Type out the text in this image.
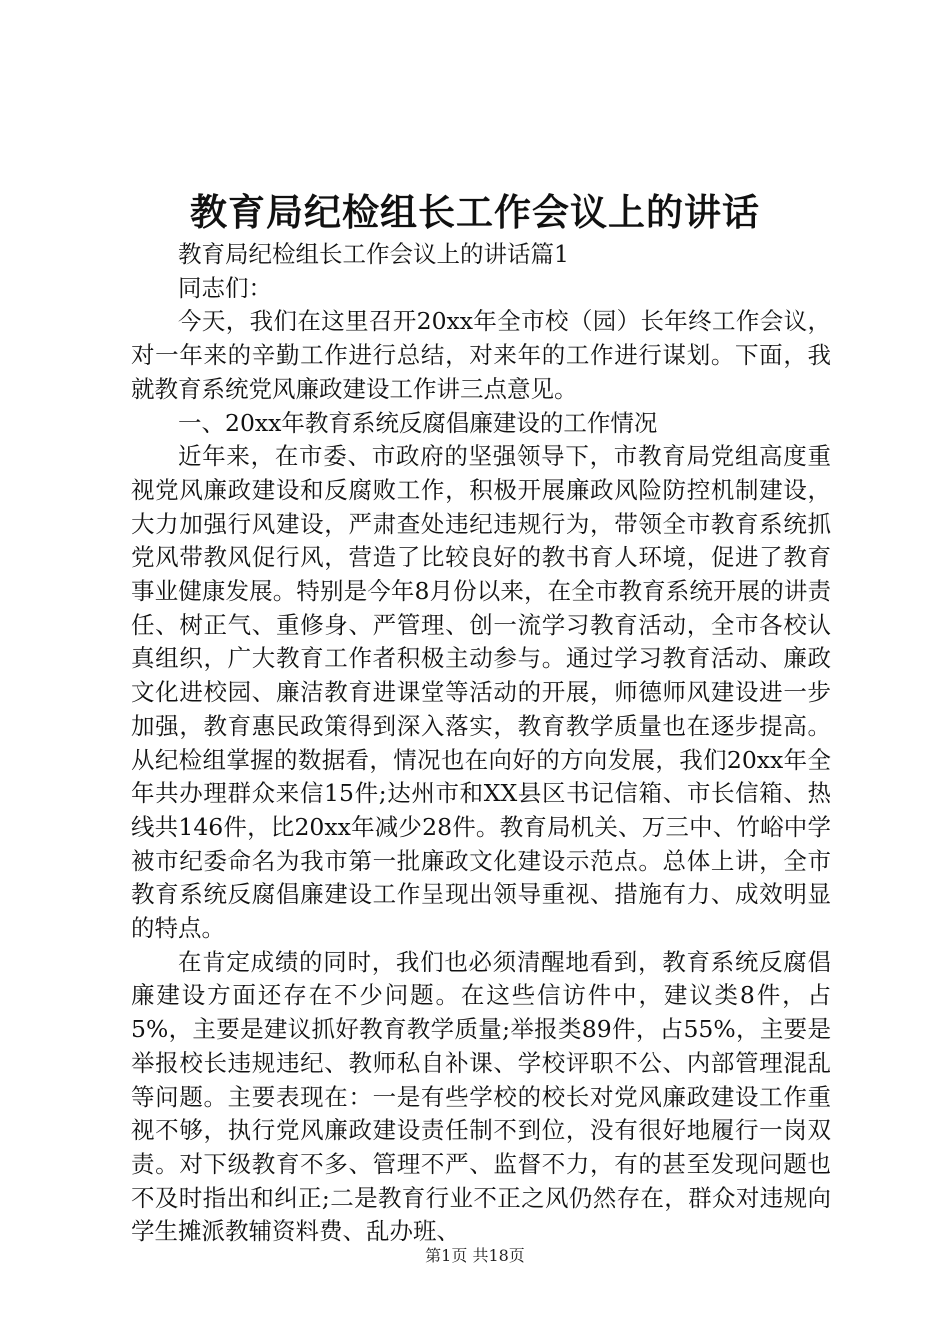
教育局纪检组长工作会议上的讲话

教育局纪检组长工作会议上的讲话篇1

同志们：

今天，我们在这里召开20xx年全市校（园）长年终工作会议，对一年来的辛勤工作进行总结，对来年的工作进行谋划。下面，我就教育系统党风廉政建设工作讲三点意见。

一、20xx年教育系统反腐倡廉建设的工作情况

近年来，在市委、市政府的坚强领导下，市教育局党组高度重视党风廉政建设和反腐败工作，积极开展廉政风险防控机制建设，大力加强行风建设，严肃查处违纪违规行为，带领全市教育系统抓党风带教风促行风，营造了比较良好的教书育人环境，促进了教育事业健康发展。特别是今年8月份以来，在全市教育系统开展的讲责任、树正气、重修身、严管理、创一流学习教育活动，全市各校认真组织，广大教育工作者积极主动参与。通过学习教育活动、廉政文化进校园、廉洁教育进课堂等活动的开展，师德师风建设进一步加强，教育惠民政策得到深入落实，教育教学质量也在逐步提高。从纪检组掌握的数据看，情况也在向好的方向发展，我们20xx年全年共办理群众来信15件;达州市和XX县区书记信箱、市长信箱、热线共146件，比20xx年减少28件。教育局机关、万三中、竹峪中学被市纪委命名为我市第一批廉政文化建设示范点。总体上讲，全市教育系统反腐倡廉建设工作呈现出领导重视、措施有力、成效明显的特点。

在肯定成绩的同时，我们也必须清醒地看到，教育系统反腐倡廉建设方面还存在不少问题。在这些信访件中，建议类8件，占5%，主要是建议抓好教育教学质量;举报类89件，占55%，主要是举报校长违规违纪、教师私自补课、学校评职不公、内部管理混乱等问题。主要表现在：一是有些学校的校长对党风廉政建设工作重视不够，执行党风廉政建设责任制不到位，没有很好地履行一岗双责。对下级教育不多、管理不严、监督不力，有的甚至发现问题也不及时指出和纠正;二是教育行业不正之风仍然存在，群众对违规向学生摊派教辅资料费、乱办班、

第1页 共18页
